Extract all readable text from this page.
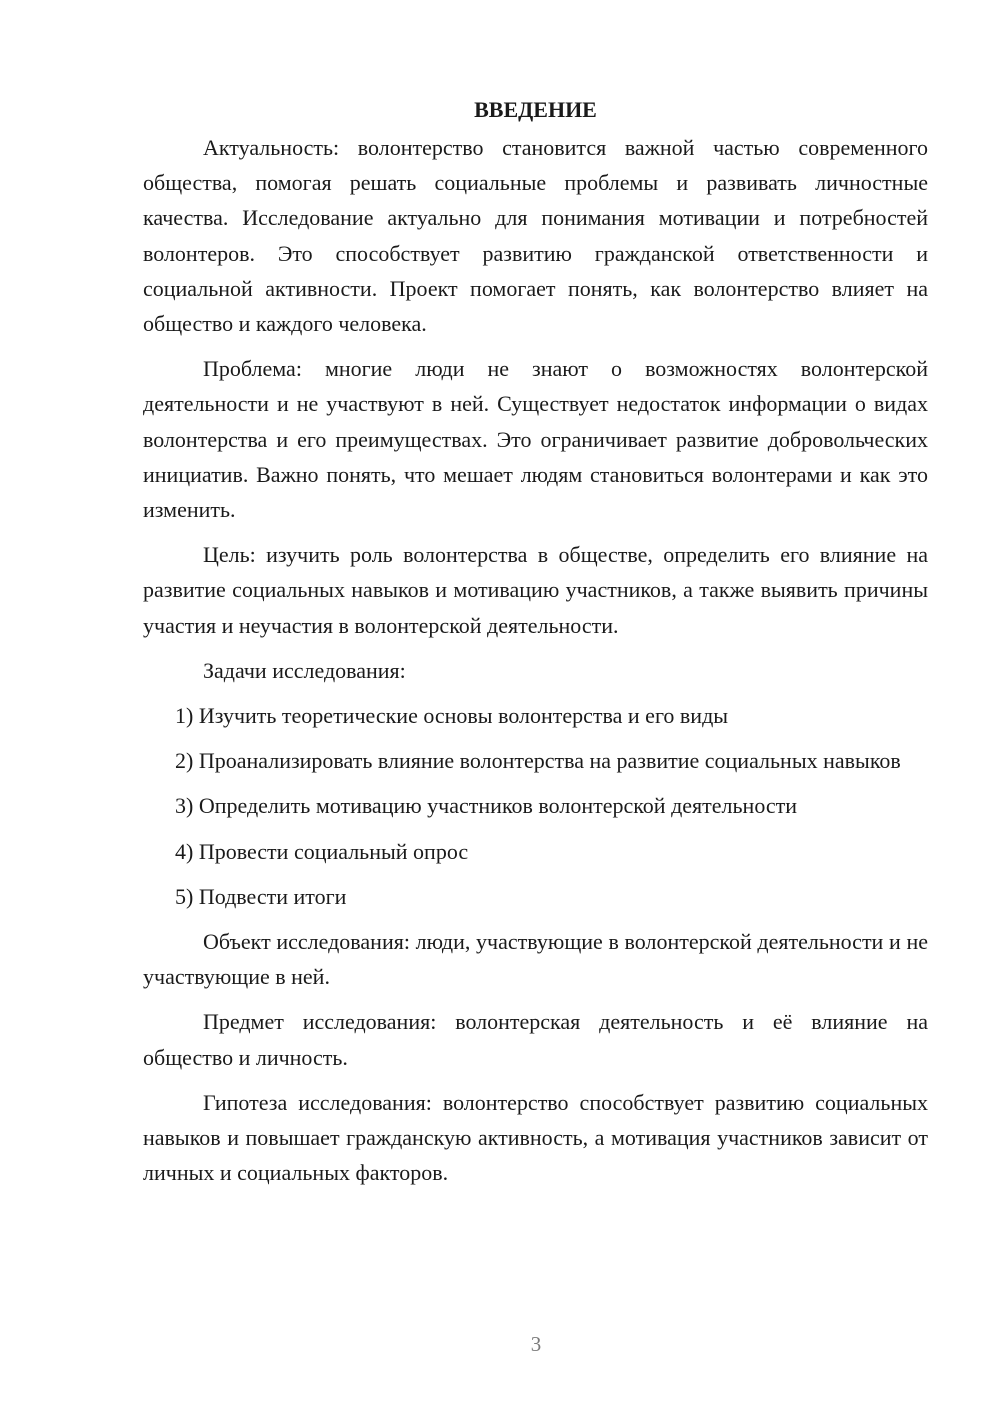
ВВЕДЕНИЕ

Актуальность: волонтерство становится важной частью современного общества, помогая решать социальные проблемы и развивать личностные качества. Исследование актуально для понимания мотивации и потребностей волонтеров. Это способствует развитию гражданской ответственности и социальной активности. Проект помогает понять, как волонтерство влияет на общество и каждого человека.

Проблема: многие люди не знают о возможностях волонтерской деятельности и не участвуют в ней. Существует недостаток информации о видах волонтерства и его преимуществах. Это ограничивает развитие добровольческих инициатив. Важно понять, что мешает людям становиться волонтерами и как это изменить.

Цель: изучить роль волонтерства в обществе, определить его влияние на развитие социальных навыков и мотивацию участников, а также выявить причины участия и неучастия в волонтерской деятельности.

Задачи исследования:

1) Изучить теоретические основы волонтерства и его виды

2) Проанализировать влияние волонтерства на развитие социальных навыков

3) Определить мотивацию участников волонтерской деятельности

4) Провести социальный опрос

5) Подвести итоги

Объект исследования: люди, участвующие в волонтерской деятельности и не участвующие в ней.

Предмет исследования: волонтерская деятельность и её влияние на общество и личность.

Гипотеза исследования: волонтерство способствует развитию социальных навыков и повышает гражданскую активность, а мотивация участников зависит от личных и социальных факторов.

3
